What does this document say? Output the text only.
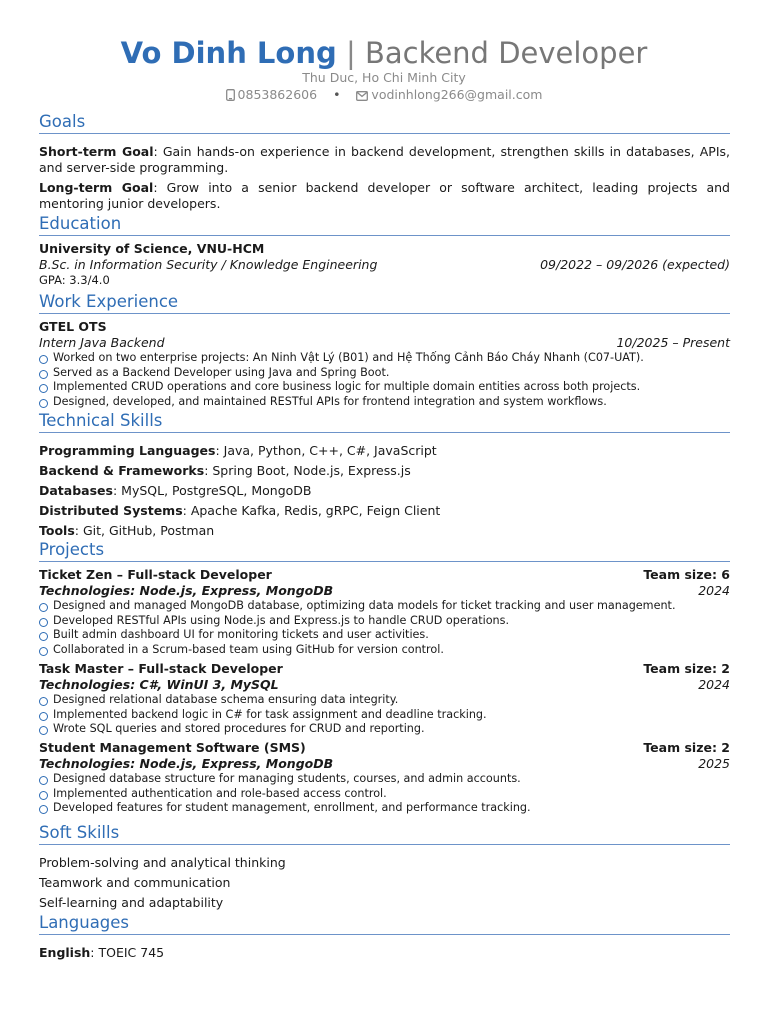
Vo Dinh Long | Backend Developer
Thu Duc, Ho Chi Minh City
0853862606 • vodinhlong266@gmail.com
Goals
Short-term Goal: Gain hands-on experience in backend development, strengthen skills in databases, APIs, and server-side programming.
Long-term Goal: Grow into a senior backend developer or software architect, leading projects and mentoring junior developers.
Education
University of Science, VNU-HCM
B.Sc. in Information Security / Knowledge Engineering	09/2022 – 09/2026 (expected)
GPA: 3.3/4.0
Work Experience
GTEL OTS
Intern Java Backend	10/2025 – Present
Worked on two enterprise projects: An Ninh Vật Lý (B01) and Hệ Thống Cảnh Báo Cháy Nhanh (C07-UAT).
Served as a Backend Developer using Java and Spring Boot.
Implemented CRUD operations and core business logic for multiple domain entities across both projects.
Designed, developed, and maintained RESTful APIs for frontend integration and system workflows.
Technical Skills
Programming Languages: Java, Python, C++, C#, JavaScript
Backend & Frameworks: Spring Boot, Node.js, Express.js
Databases: MySQL, PostgreSQL, MongoDB
Distributed Systems: Apache Kafka, Redis, gRPC, Feign Client
Tools: Git, GitHub, Postman
Projects
Ticket Zen – Full-stack Developer	Team size: 6
Technologies: Node.js, Express, MongoDB	2024
Designed and managed MongoDB database, optimizing data models for ticket tracking and user management.
Developed RESTful APIs using Node.js and Express.js to handle CRUD operations.
Built admin dashboard UI for monitoring tickets and user activities.
Collaborated in a Scrum-based team using GitHub for version control.
Task Master – Full-stack Developer	Team size: 2
Technologies: C#, WinUI 3, MySQL	2024
Designed relational database schema ensuring data integrity.
Implemented backend logic in C# for task assignment and deadline tracking.
Wrote SQL queries and stored procedures for CRUD and reporting.
Student Management Software (SMS)	Team size: 2
Technologies: Node.js, Express, MongoDB	2025
Designed database structure for managing students, courses, and admin accounts.
Implemented authentication and role-based access control.
Developed features for student management, enrollment, and performance tracking.
Soft Skills
Problem-solving and analytical thinking
Teamwork and communication
Self-learning and adaptability
Languages
English: TOEIC 745
